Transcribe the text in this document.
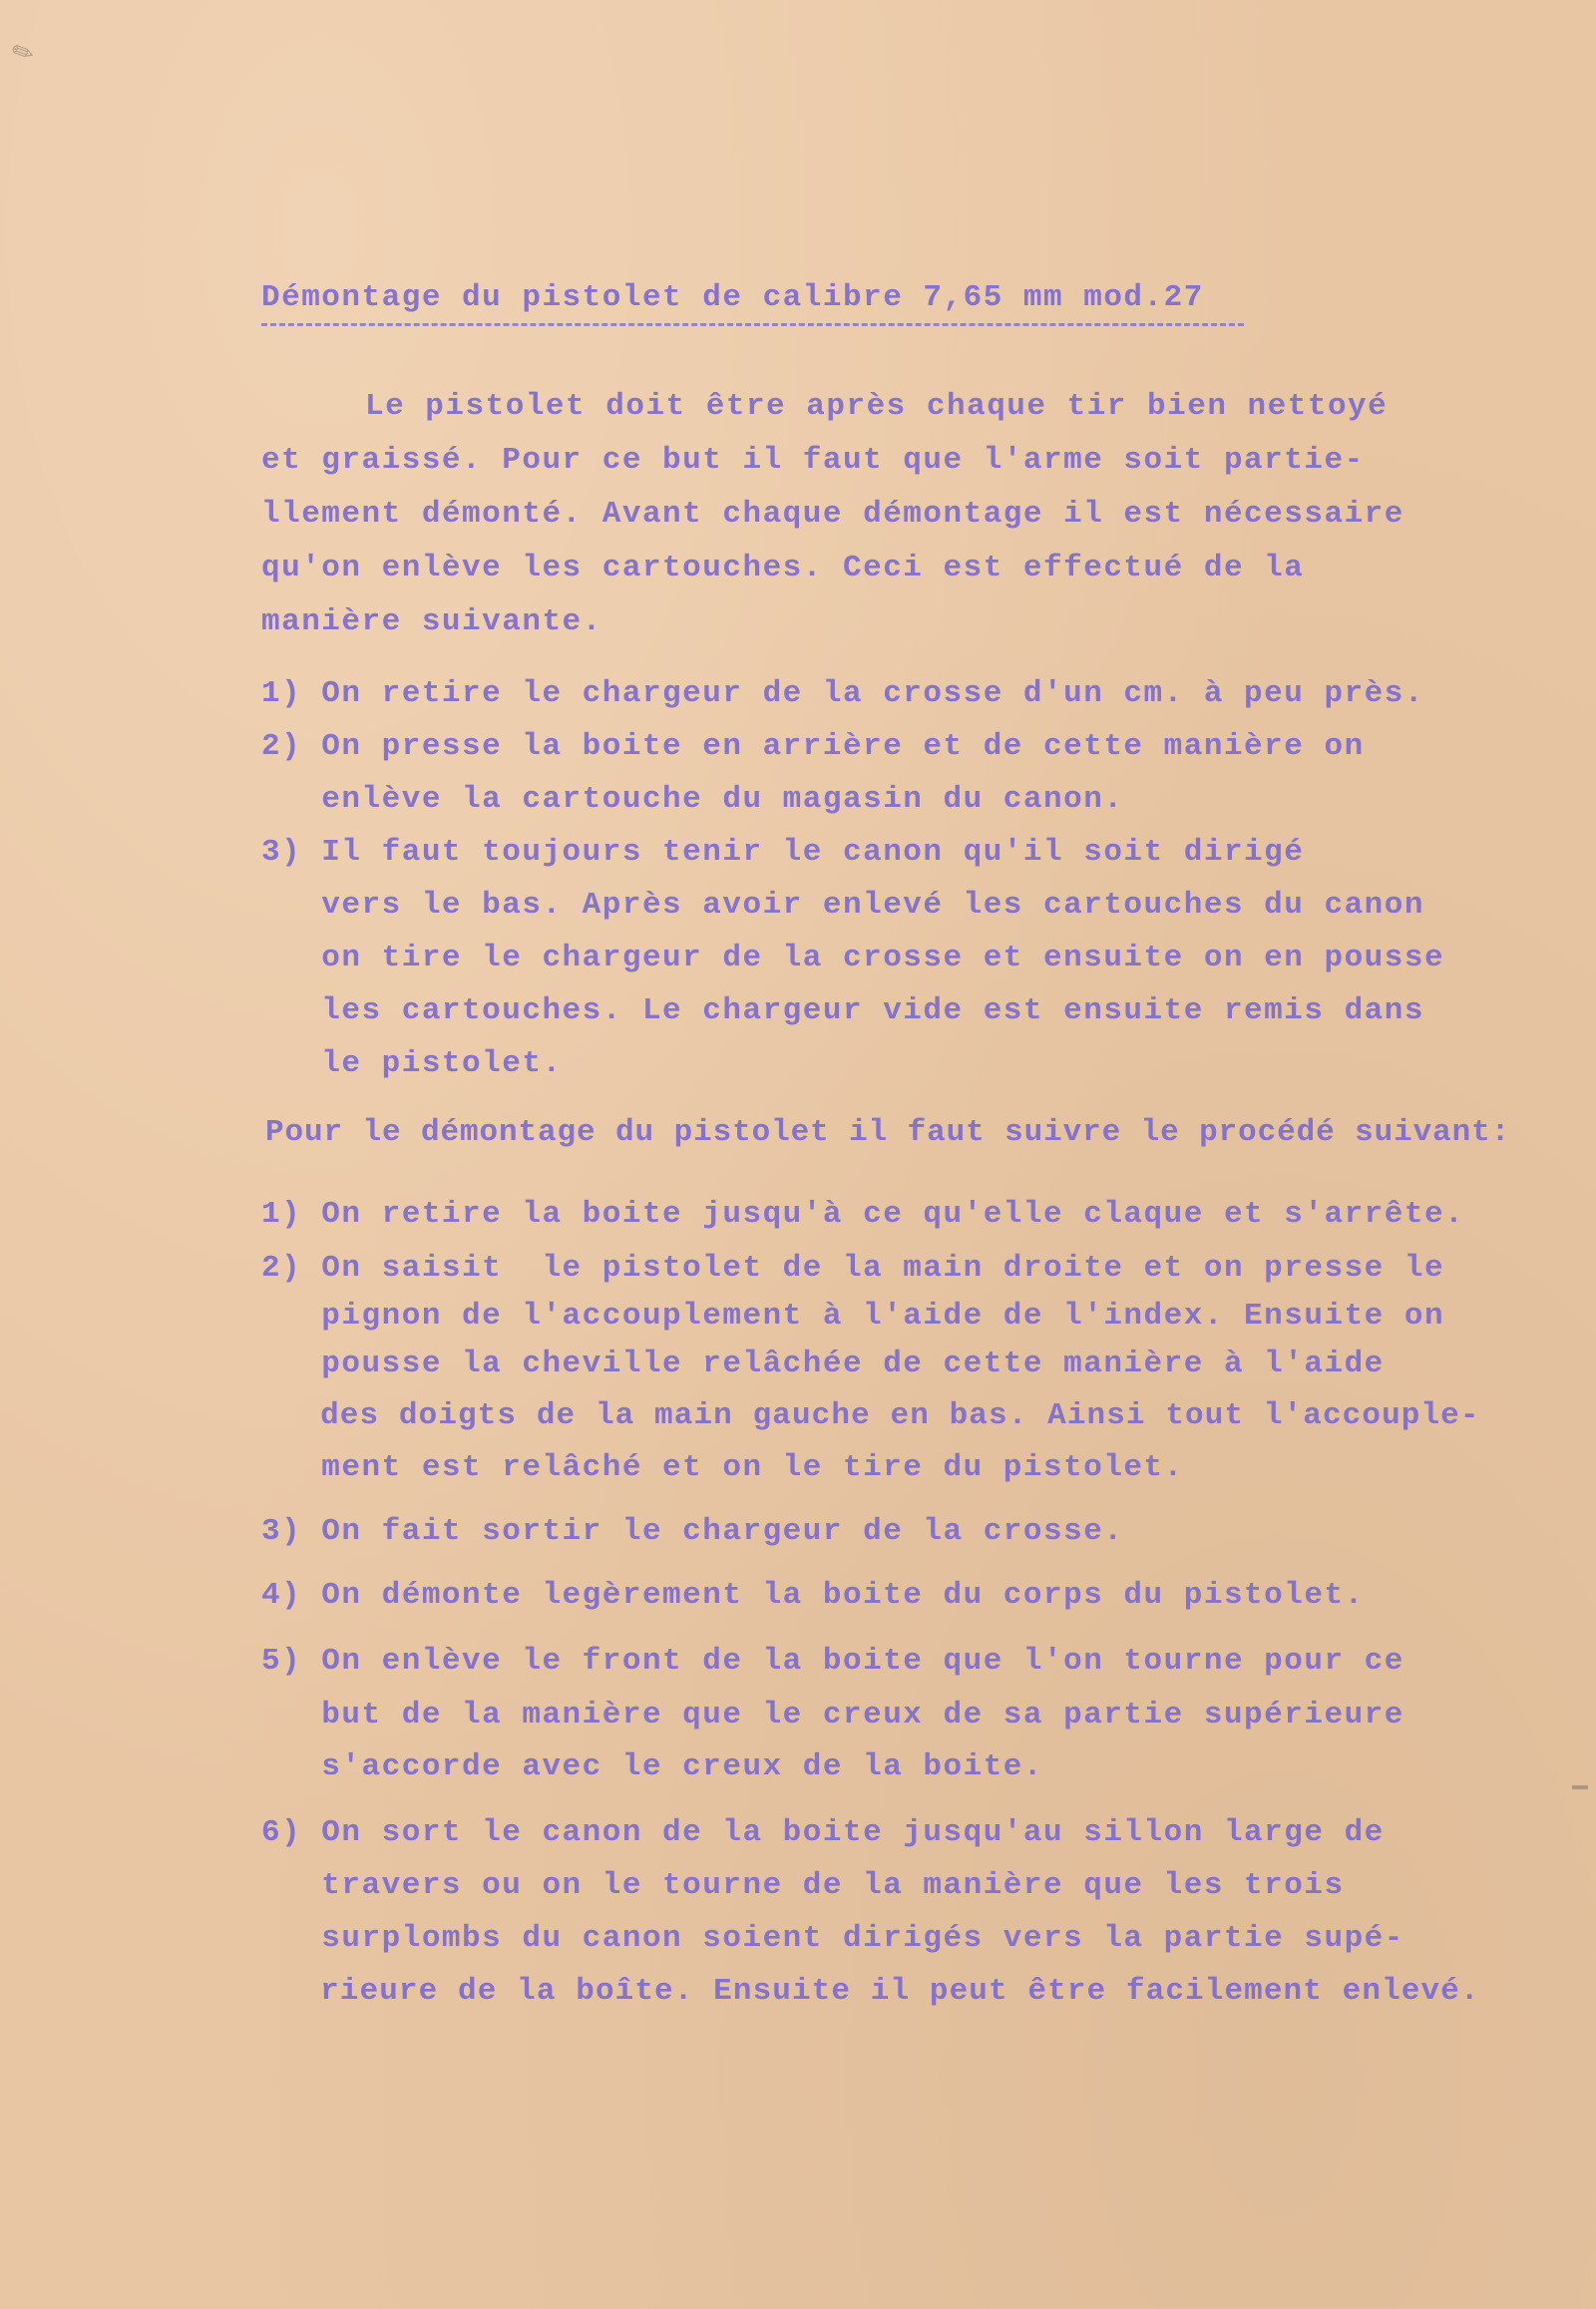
✎

Démontage du pistolet de calibre 7,65 mm mod.27

Le pistolet doit être après chaque tir bien nettoyé

et graissé. Pour ce but il faut que l'arme soit partie-

llement démonté. Avant chaque démontage il est nécessaire

qu'on enlève les cartouches. Ceci est effectué de la

manière suivante.

1) On retire le chargeur de la crosse d'un cm. à peu près.

2) On presse la boite en arrière et de cette manière on

enlève la cartouche du magasin du canon.

3) Il faut toujours tenir le canon qu'il soit dirigé

vers le bas. Après avoir enlevé les cartouches du canon

on tire le chargeur de la crosse et ensuite on en pousse

les cartouches. Le chargeur vide est ensuite remis dans

le pistolet.

Pour le démontage du pistolet il faut suivre le procédé suivant:

1) On retire la boite jusqu'à ce qu'elle claque et s'arrête.

2) On saisit  le pistolet de la main droite et on presse le

pignon de l'accouplement à l'aide de l'index. Ensuite on

pousse la cheville relâchée de cette manière à l'aide

des doigts de la main gauche en bas. Ainsi tout l'accouple-

ment est relâché et on le tire du pistolet.

3) On fait sortir le chargeur de la crosse.

4) On démonte legèrement la boite du corps du pistolet.

5) On enlève le front de la boite que l'on tourne pour ce

but de la manière que le creux de sa partie supérieure

s'accorde avec le creux de la boite.

6) On sort le canon de la boite jusqu'au sillon large de

travers ou on le tourne de la manière que les trois

surplombs du canon soient dirigés vers la partie supé-

rieure de la boîte. Ensuite il peut être facilement enlevé.
